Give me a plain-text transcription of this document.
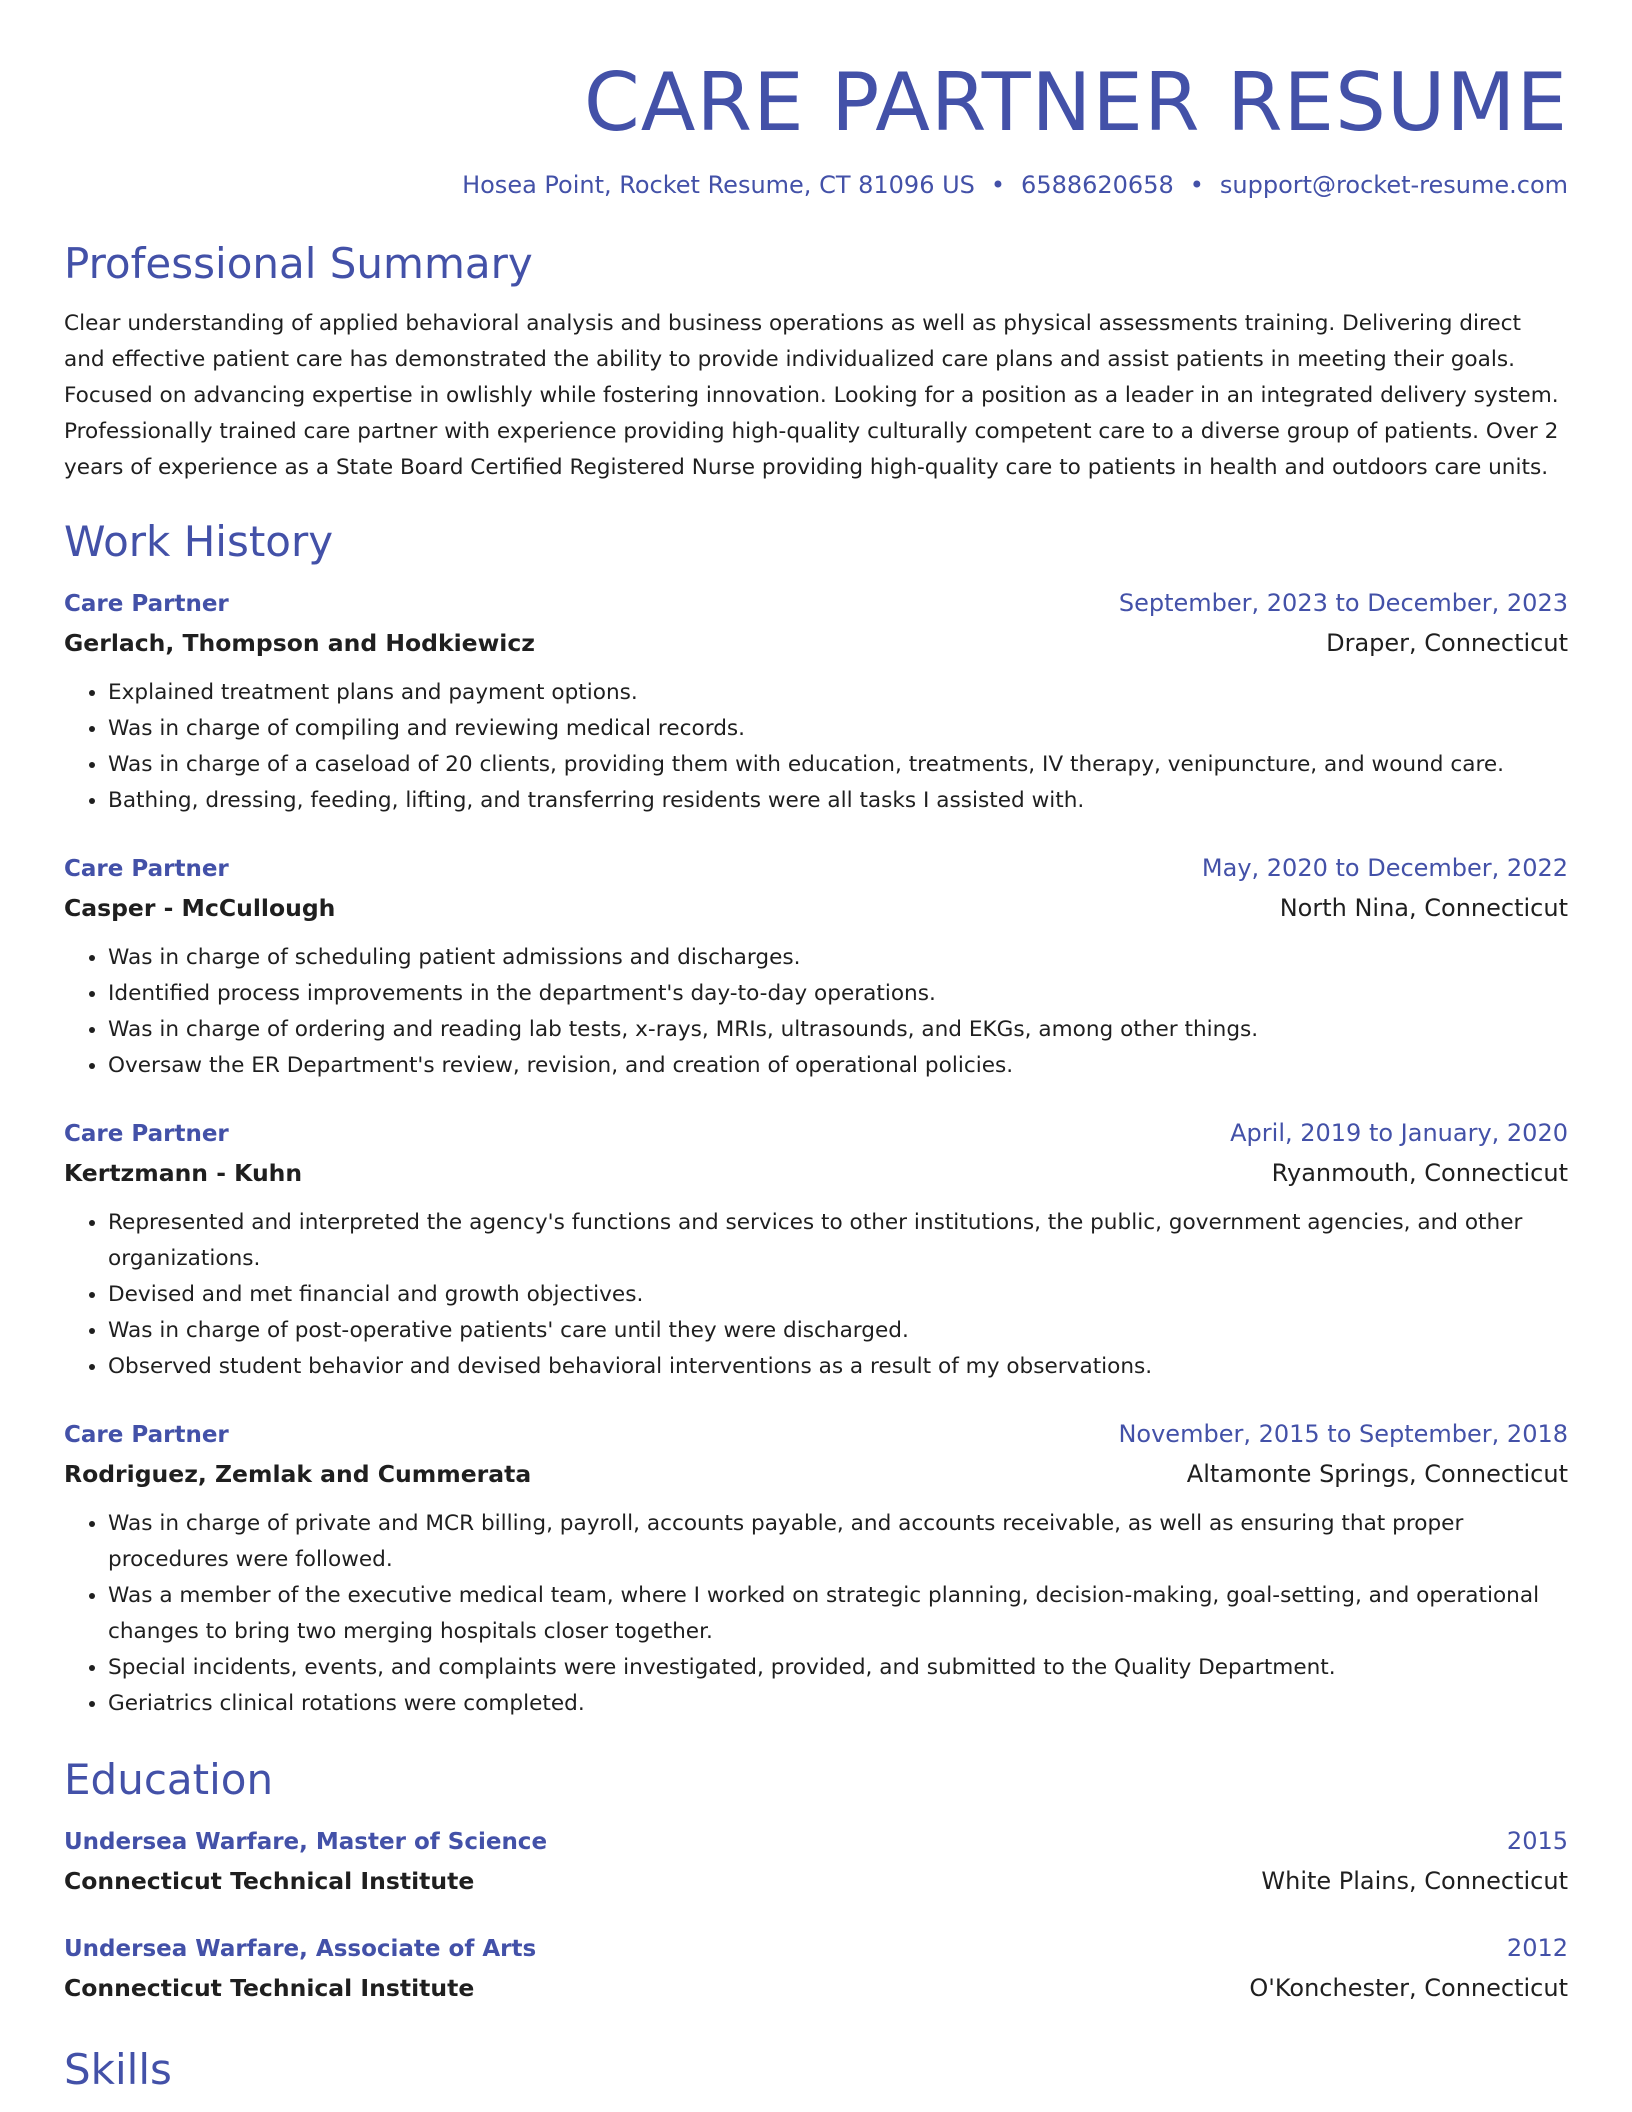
CARE PARTNER RESUME
Hosea Point, Rocket Resume, CT 81096 US • 6588620658 • support@rocket-resume.com
Professional Summary
Clear understanding of applied behavioral analysis and business operations as well as physical assessments training. Delivering direct and effective patient care has demonstrated the ability to provide individualized care plans and assist patients in meeting their goals. Focused on advancing expertise in owlishly while fostering innovation. Looking for a position as a leader in an integrated delivery system. Professionally trained care partner with experience providing high-quality culturally competent care to a diverse group of patients. Over 2 years of experience as a State Board Certified Registered Nurse providing high-quality care to patients in health and outdoors care units.
Work History
Care Partner	September, 2023 to December, 2023
Gerlach, Thompson and Hodkiewicz	Draper, Connecticut
• Explained treatment plans and payment options.
• Was in charge of compiling and reviewing medical records.
• Was in charge of a caseload of 20 clients, providing them with education, treatments, IV therapy, venipuncture, and wound care.
• Bathing, dressing, feeding, lifting, and transferring residents were all tasks I assisted with.
Care Partner	May, 2020 to December, 2022
Casper - McCullough	North Nina, Connecticut
• Was in charge of scheduling patient admissions and discharges.
• Identified process improvements in the department's day-to-day operations.
• Was in charge of ordering and reading lab tests, x-rays, MRIs, ultrasounds, and EKGs, among other things.
• Oversaw the ER Department's review, revision, and creation of operational policies.
Care Partner	April, 2019 to January, 2020
Kertzmann - Kuhn	Ryanmouth, Connecticut
• Represented and interpreted the agency's functions and services to other institutions, the public, government agencies, and other organizations.
• Devised and met financial and growth objectives.
• Was in charge of post-operative patients' care until they were discharged.
• Observed student behavior and devised behavioral interventions as a result of my observations.
Care Partner	November, 2015 to September, 2018
Rodriguez, Zemlak and Cummerata	Altamonte Springs, Connecticut
• Was in charge of private and MCR billing, payroll, accounts payable, and accounts receivable, as well as ensuring that proper procedures were followed.
• Was a member of the executive medical team, where I worked on strategic planning, decision-making, goal-setting, and operational changes to bring two merging hospitals closer together.
• Special incidents, events, and complaints were investigated, provided, and submitted to the Quality Department.
• Geriatrics clinical rotations were completed.
Education
Undersea Warfare, Master of Science	2015
Connecticut Technical Institute	White Plains, Connecticut
Undersea Warfare, Associate of Arts	2012
Connecticut Technical Institute	O'Konchester, Connecticut
Skills
